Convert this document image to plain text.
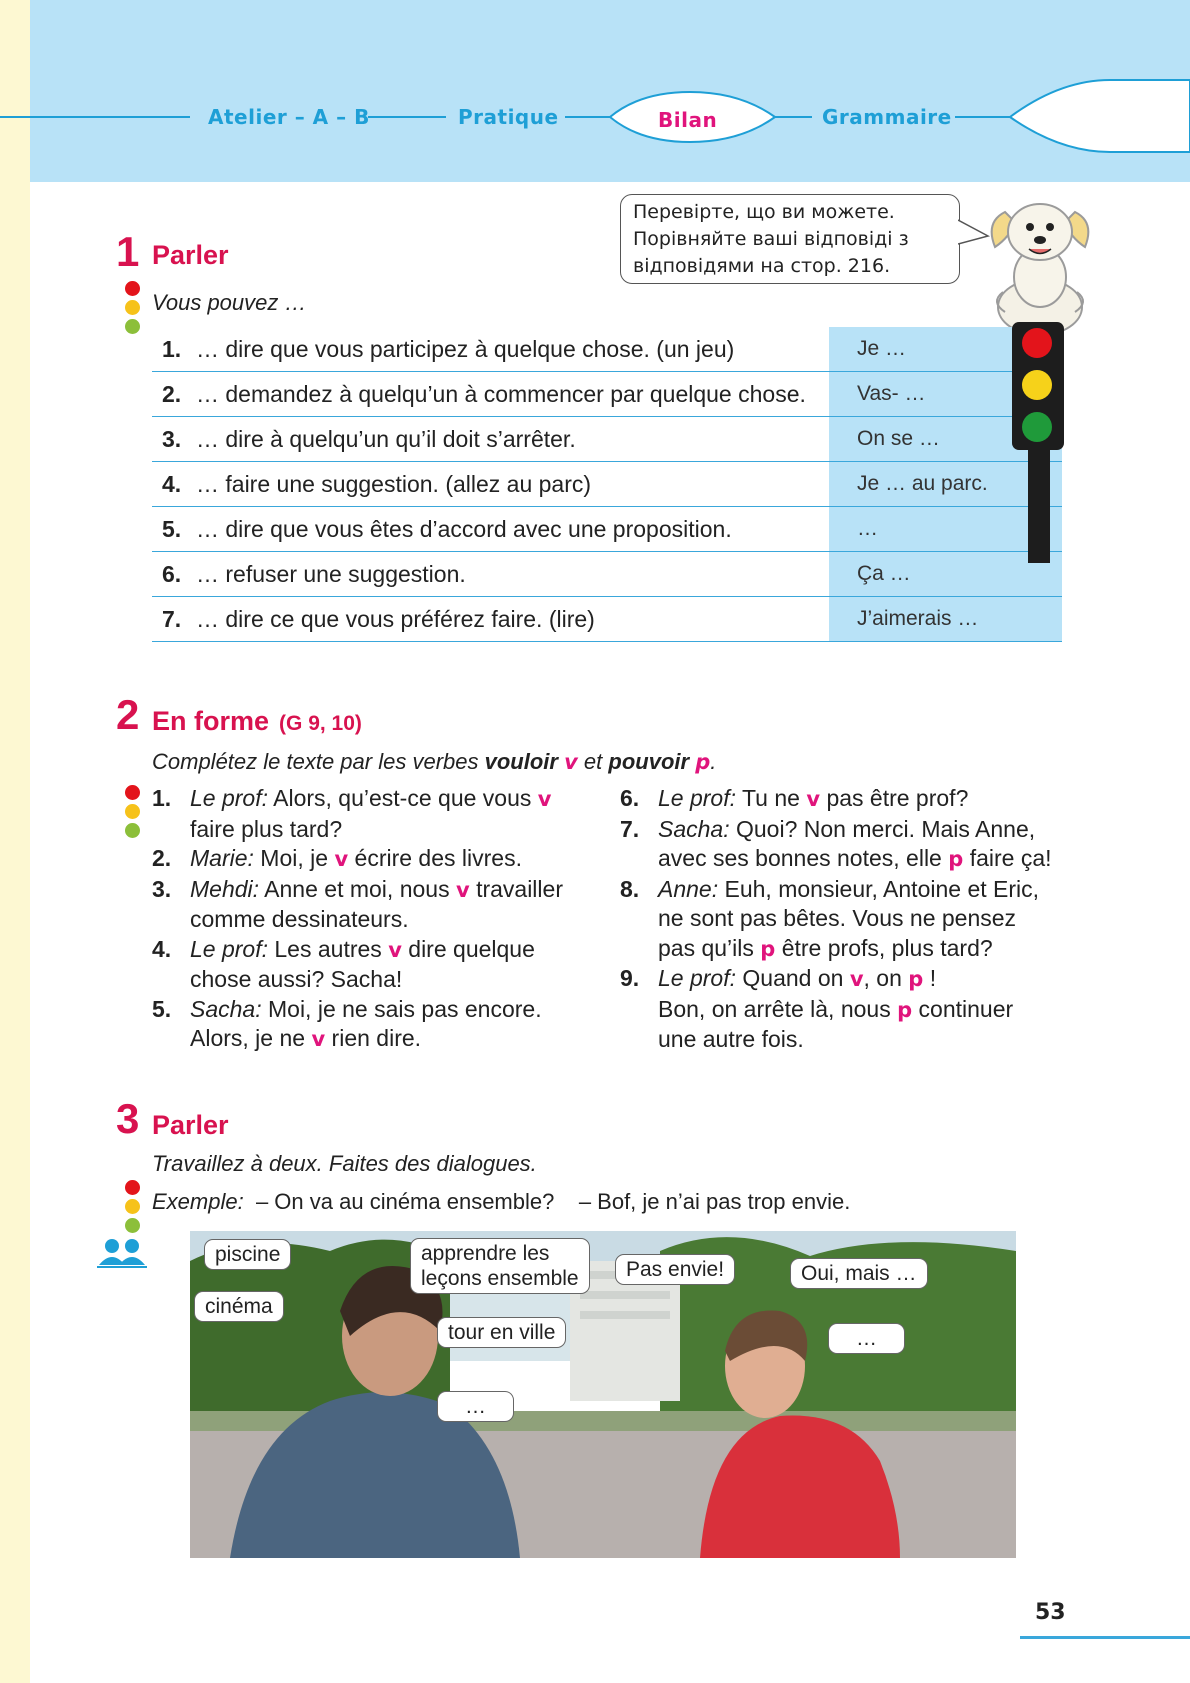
Atelier – A – B	Pratique	Bilan	Grammaire
Перевірте, що ви можете.
Порівняйте ваші відповіді з
відповідями на стор. 216.
1 Parler
Vous pouvez …
1.	… dire que vous participez à quelque chose. (un jeu)	Je …
2.	… demandez à quelqu’un à commencer par quelque chose.	Vas- …
3.	… dire à quelqu’un qu’il doit s’arrêter.	On se …
4.	… faire une suggestion. (allez au parc)	Je … au parc.
5.	… dire que vous êtes d’accord avec une proposition.	…
6.	… refuser une suggestion.	Ça …
7.	… dire ce que vous préférez faire. (lire)	J’aimerais …
2 En forme (G 9, 10)
Complétez le texte par les verbes vouloir v et pouvoir p.
1. Le prof: Alors, qu’est-ce que vous v
faire plus tard?
2. Marie: Moi, je v écrire des livres.
3. Mehdi: Anne et moi, nous v travailler
comme dessinateurs.
4. Le prof: Les autres v dire quelque
chose aussi? Sacha!
5. Sacha: Moi, je ne sais pas encore.
Alors, je ne v rien dire.
6. Le prof: Tu ne v pas être prof?
7. Sacha: Quoi? Non merci. Mais Anne,
avec ses bonnes notes, elle p faire ça!
8. Anne: Euh, monsieur, Antoine et Eric,
ne sont pas bêtes. Vous ne pensez
pas qu’ils p être profs, plus tard?
9. Le prof: Quand on v, on p !
Bon, on arrête là, nous p continuer
une autre fois.
3 Parler
Travaillez à deux. Faites des dialogues.
Exemple: – On va au cinéma ensemble? – Bof, je n’ai pas trop envie.
piscine
cinéma
apprendre les
leçons ensemble
tour en ville
…
Pas envie!	Oui, mais …
…
53
